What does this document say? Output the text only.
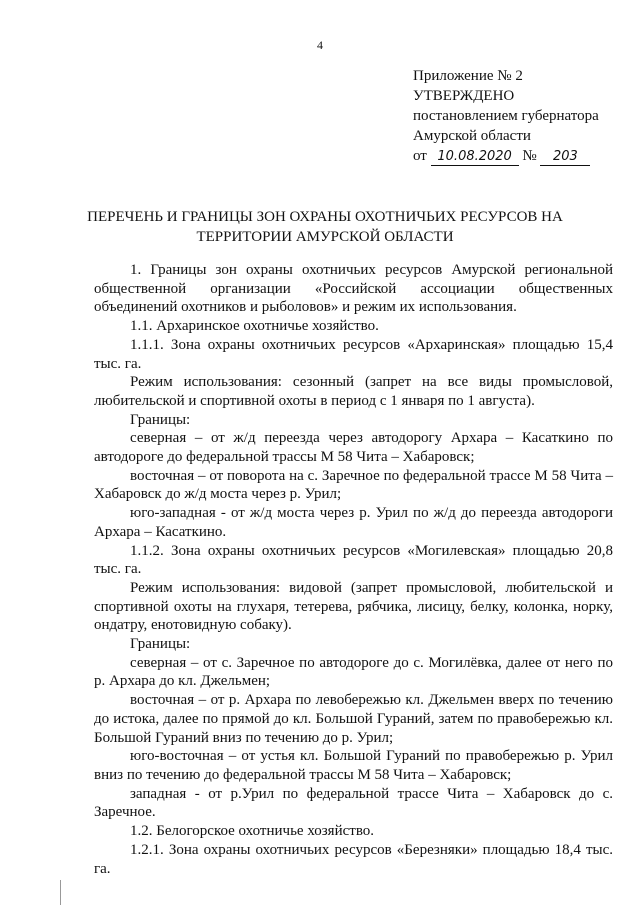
4
Приложение № 2
УТВЕРЖДЕНО
постановлением губернатора
Амурской области
от 10.08.2020 № 203
ПЕРЕЧЕНЬ И ГРАНИЦЫ ЗОН ОХРАНЫ ОХОТНИЧЬИХ РЕСУРСОВ НА ТЕРРИТОРИИ АМУРСКОЙ ОБЛАСТИ

1. Границы зон охраны охотничьих ресурсов Амурской региональной общественной организации «Российской ассоциации общественных объединений охотников и рыболовов» и режим их использования.

1.1. Архаринское охотничье хозяйство.

1.1.1. Зона охраны охотничьих ресурсов «Архаринская» площадью 15,4 тыс. га.

Режим использования: сезонный (запрет на все виды промысловой, любительской и спортивной охоты в период с 1 января по 1 августа).

Границы:

северная – от ж/д переезда через автодорогу Архара – Касаткино по автодороге до федеральной трассы М 58 Чита – Хабаровск;

восточная – от поворота на с. Заречное по федеральной трассе М 58 Чита – Хабаровск до ж/д моста через р. Урил;

юго-западная - от ж/д моста через р. Урил по ж/д до переезда автодороги Архара – Касаткино.

1.1.2. Зона охраны охотничьих ресурсов «Могилевская» площадью 20,8 тыс. га.

Режим использования: видовой (запрет промысловой, любительской и спортивной охоты на глухаря, тетерева, рябчика, лисицу, белку, колонка, норку, ондатру, енотовидную собаку).

Границы:

северная – от с. Заречное по автодороге до с. Могилёвка, далее от него по р. Архара до кл. Джельмен;

восточная – от р. Архара по левобережью кл. Джельмен вверх по течению до истока, далее по прямой до кл. Большой Гураний, затем по правобережью кл. Большой Гураний вниз по течению до р. Урил;

юго-восточная – от устья кл. Большой Гураний по правобережью р. Урил вниз по течению до федеральной трассы М 58 Чита – Хабаровск;

западная - от р.Урил по федеральной трассе Чита – Хабаровск до с. Заречное.

1.2. Белогорское охотничье хозяйство.

1.2.1. Зона охраны охотничьих ресурсов «Березняки» площадью 18,4 тыс. га.
